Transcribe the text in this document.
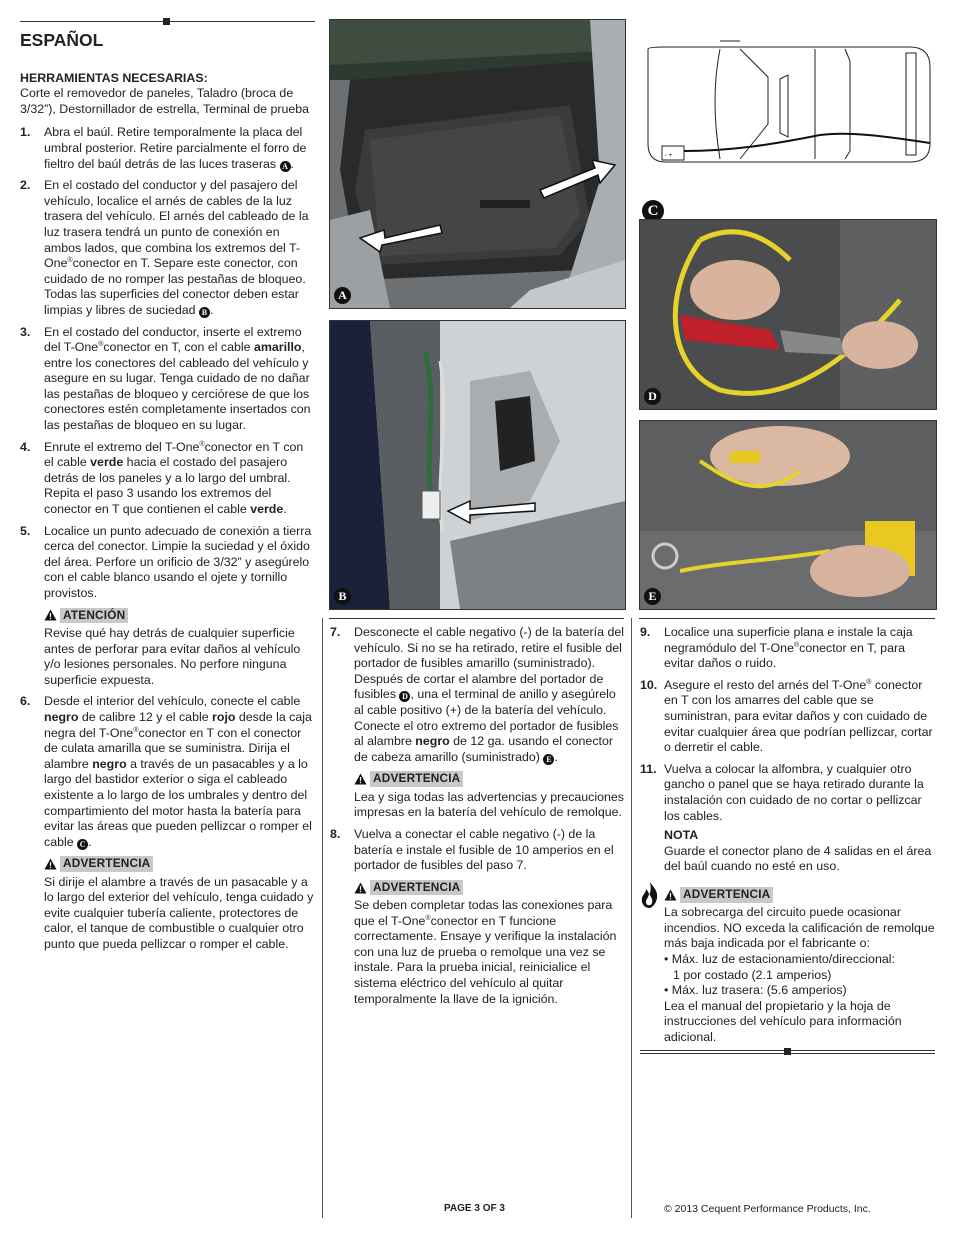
ESPAÑOL
HERRAMIENTAS NECESARIAS:

Corte el removedor de paneles, Taladro (broca de 3/32”), Destornillador de estrella, Terminal de prueba

1.	Abra el baúl. Retire temporalmente la placa del umbral posterior. Retire parcialmente el forro de fieltro del baúl detrás de las luces traseras A .
2.	En el costado del conductor y del pasajero del vehículo, localice el arnés de cables de la luz trasera del vehículo. El arnés del cableado de la luz trasera tendrá un punto de conexión en ambos lados, que combina los extremos del T-One®conector en T. Separe este conector, con cuidado de no romper las pestañas de bloqueo. Todas las superficies del conector deben estar limpias y libres de suciedad B .
3.	En el costado del conductor, inserte el extremo del T-One®conector en T, con el cable amarillo, entre los conectores del cableado del vehículo y asegure en su lugar. Tenga cuidado de no dañar las pestañas de bloqueo y cerciórese de que los conectores estén completamente insertados con las pestañas de bloqueo en su lugar.
4.	Enrute el extremo del T-One®conector en T con el cable verde hacia el costado del pasajero detrás de los paneles y a lo largo del umbral. Repita el paso 3 usando los extremos del conector en T que contienen el cable verde.
5.	Localice un punto adecuado de conexión a tierra cerca del conector. Limpie la suciedad y el óxido del área. Perfore un orificio de 3/32” y asegúrelo con el cable blanco usando el ojete y tornillo provistos.
ATENCIÓN

Revise qué hay detrás de cualquier superficie antes de perforar para evitar daños al vehículo y/o lesiones personales. No perfore ninguna superficie expuesta.

6.	Desde el interior del vehículo, conecte el cable negro de calibre 12 y el cable rojo desde la caja negra del T-One®conector en T con el conector de culata amarilla que se suministra. Dirija el alambre negro a través de un pasacables y a lo largo del bastidor exterior o siga el cableado existente a lo largo de los umbrales y dentro del compartimiento del motor hasta la batería para evitar las áreas que pueden pellizcar o romper el cable C .
ADVERTENCIA

Si dirije el alambre a través de un pasacable y a lo largo del exterior del vehículo, tenga cuidado y evite cualquier tubería caliente, protectores de calor, el tanque de combustible o cualquier otro punto que pueda pellizcar o romper el cable.

A
B
- +
C
D
E
7.	Desconecte el cable negativo (-) de la batería del vehículo. Si no se ha retirado, retire el fusible del portador de fusibles amarillo (suministrado). Después de cortar el alambre del portador de fusibles D , una el terminal de anillo y asegúrelo al cable positivo (+) de la batería del vehículo. Conecte el otro extremo del portador de fusibles al alambre negro de 12 ga. usando el conector de cabeza amarillo (suministrado) E .
ADVERTENCIA

Lea y siga todas las advertencias y precauciones impresas en la batería del vehículo de remolque.

8.	Vuelva a conectar el cable negativo (-) de la batería e instale el fusible de 10 amperios en el portador de fusibles del paso 7.
ADVERTENCIA

Se deben completar todas las conexiones para que el T-One®conector en T funcione correctamente. Ensaye y verifique la instalación con una luz de prueba o remolque una vez se instale. Para la prueba inicial, reinicialice el sistema eléctrico del vehículo al quitar temporalmente la llave de la ignición.

9.	Localice una superficie plana e instale la caja negramódulo del T-One®conector en T, para evitar daños o ruido.
10. Asegure el resto del arnés del T-One® conector en T con los amarres del cable que se suministran, para evitar daños y con cuidado de evitar cualquier área que podrían pellizcar, cortar o derretir el cable.
11. Vuelva a colocar la alfombra, y cualquier otro gancho o panel que se haya retirado durante la instalación con cuidado de no cortar o pellizcar los cables.
NOTA

Guarde el conector plano de 4 salidas en el área del baúl cuando no esté en uso.

ADVERTENCIA

La sobrecarga del circuito puede ocasionar incendios. NO exceda la calificación de remolque más baja indicada por el fabricante o:

• Máx. luz de estacionamiento/direccional:

1 por costado (2.1 amperios)

• Máx. luz trasera: (5.6 amperios)

Lea el manual del propietario y la hoja de instrucciones del vehículo para información adicional.

PAGE 3 OF 3	© 2013 Cequent Performance Products, Inc.
